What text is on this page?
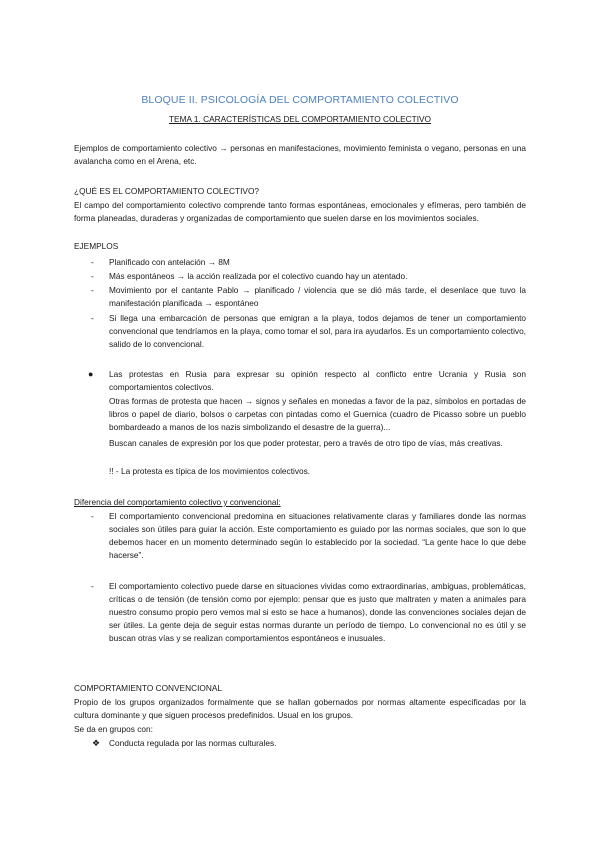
BLOQUE II. PSICOLOGÍA DEL COMPORTAMIENTO COLECTIVO
TEMA 1. CARACTERÍSTICAS DEL COMPORTAMIENTO COLECTIVO
Ejemplos de comportamiento colectivo → personas en manifestaciones, movimiento feminista o vegano, personas en una avalancha como en el Arena, etc.
¿QUÉ ES EL COMPORTAMIENTO COLECTIVO?
El campo del comportamiento colectivo comprende tanto formas espontáneas, emocionales y efímeras, pero también de forma planeadas, duraderas y organizadas de comportamiento que suelen darse en los movimientos sociales.
EJEMPLOS
- Planificado con antelación → 8M
- Más espontáneos → la acción realizada por el colectivo cuando hay un atentado.
- Movimiento por el cantante Pablo → planificado / violencia que se dió más tarde, el desenlace que tuvo la manifestación planificada → espontáneo
- Si llega una embarcación de personas que emigran a la playa, todos dejamos de tener un comportamiento convencional que tendríamos en la playa, como tomar el sol, para ira ayudarlos. Es un comportamiento colectivo, salido de lo convencional.
● Las protestas en Rusia para expresar su opinión respecto al conflicto entre Ucrania y Rusia son comportamientos colectivos.
Otras formas de protesta que hacen → signos y señales en monedas a favor de la paz, símbolos en portadas de libros o papel de diario, bolsos o carpetas con pintadas como el Guernica (cuadro de Picasso sobre un pueblo bombardeado a manos de los nazis simbolizando el desastre de la guerra)...
Buscan canales de expresión por los que poder protestar, pero a través de otro tipo de vías, más creativas.
!! - La protesta es típica de los movimientos colectivos.
Diferencia del comportamiento colectivo y convencional:
- El comportamiento convencional predomina en situaciones relativamente claras y familiares donde las normas sociales son útiles para guiar la acción. Este comportamiento es guiado por las normas sociales, que son lo que debemos hacer en un momento determinado según lo establecido por la sociedad. “La gente hace lo que debe hacerse”.
- El comportamiento colectivo puede darse en situaciones vividas como extraordinarias, ambiguas, problemáticas, críticas o de tensión (de tensión como por ejemplo: pensar que es justo que maltraten y maten a animales para nuestro consumo propio pero vemos mal si esto se hace a humanos), donde las convenciones sociales dejan de ser útiles. La gente deja de seguir estas normas durante un período de tiempo. Lo convencional no es útil y se buscan otras vías y se realizan comportamientos espontáneos e inusuales.
COMPORTAMIENTO CONVENCIONAL
Propio de los grupos organizados formalmente que se hallan gobernados por normas altamente especificadas por la cultura dominante y que siguen procesos predefinidos. Usual en los grupos.
Se da en grupos con:
❖ Conducta regulada por las normas culturales.
